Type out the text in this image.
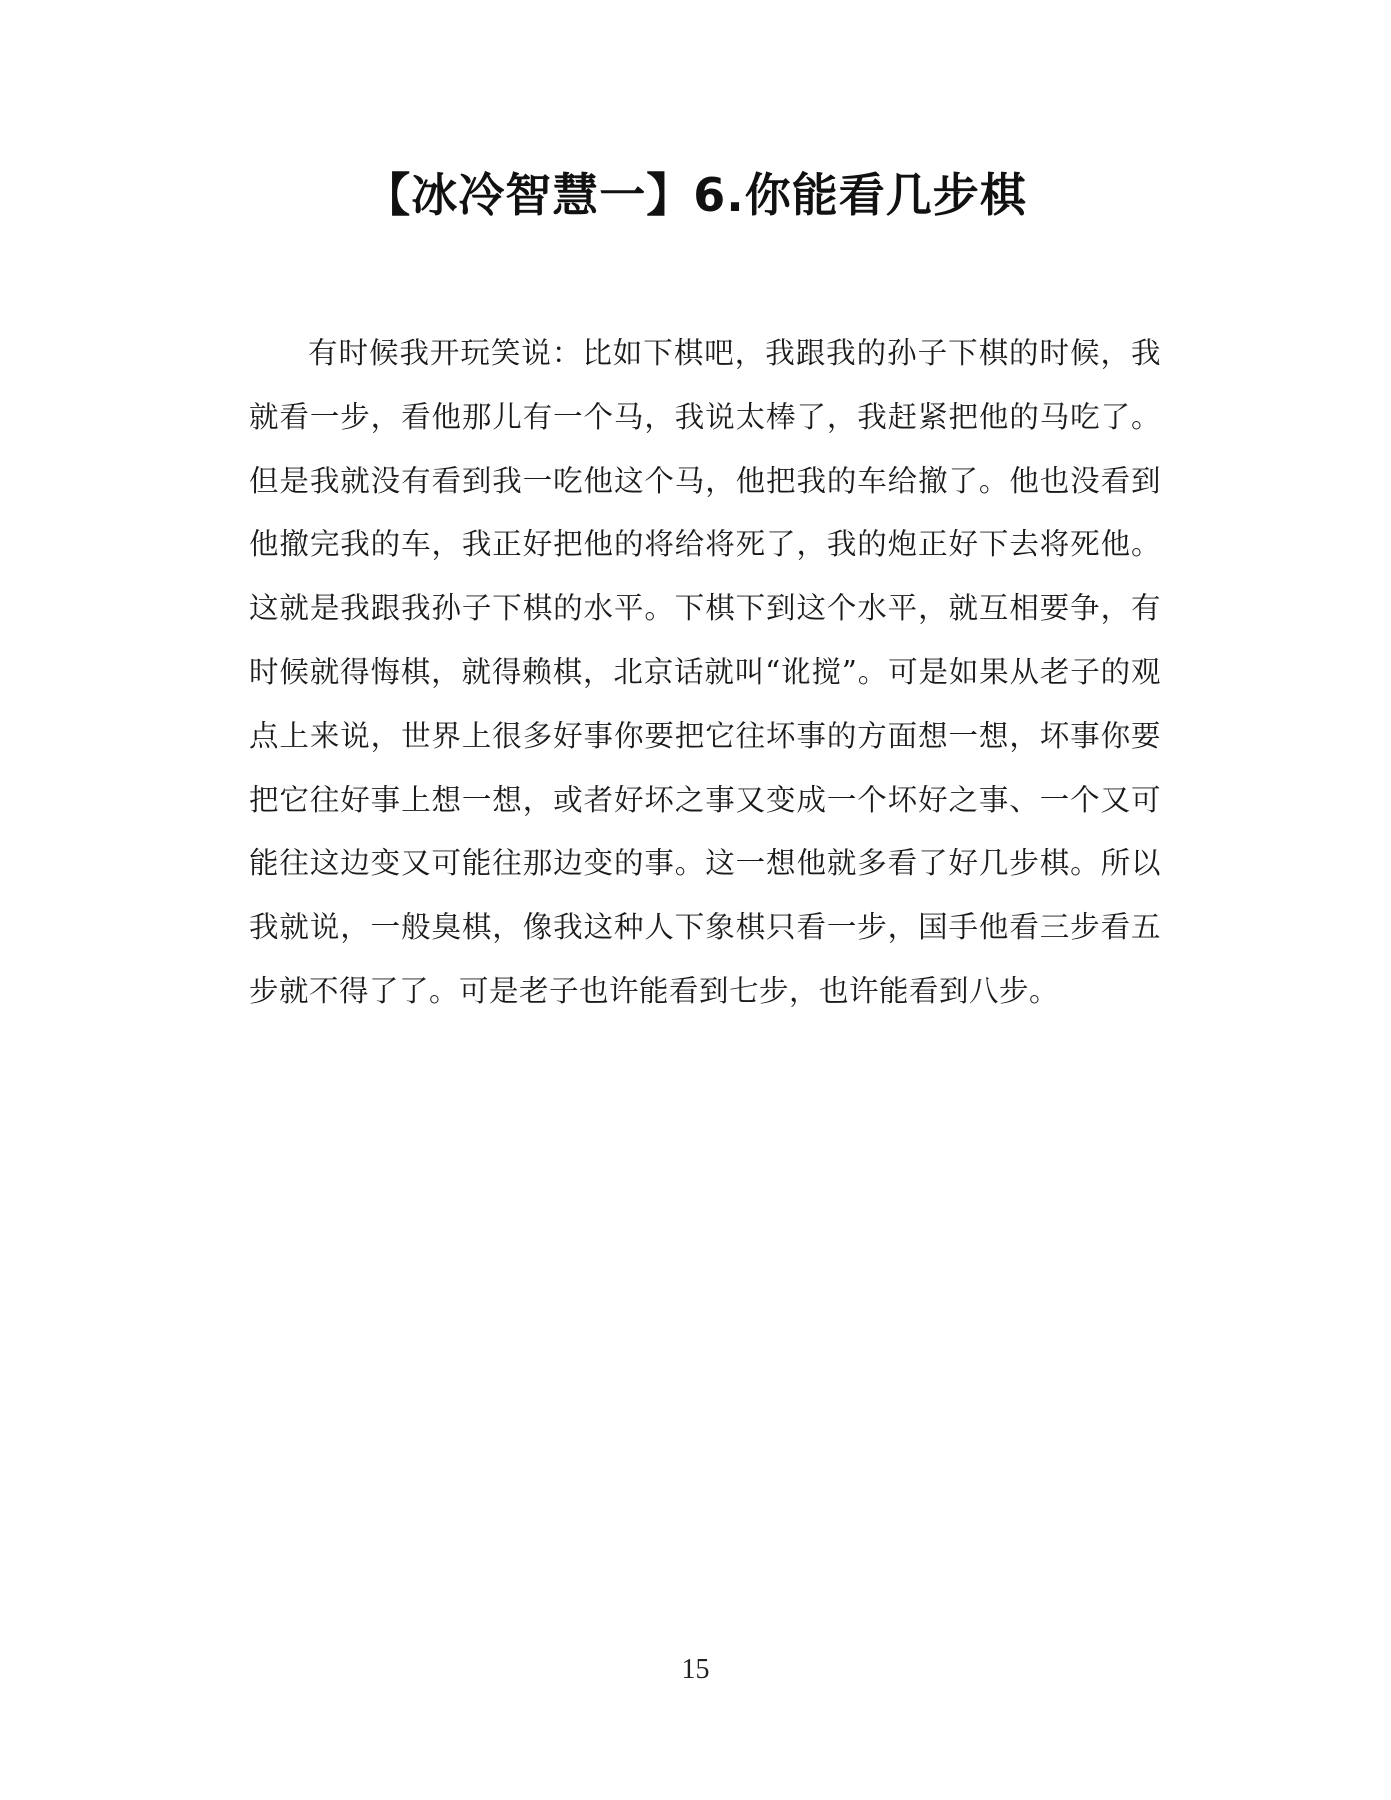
【冰冷智慧一】6.你能看几步棋

有时候我开玩笑说：比如下棋吧，我跟我的孙子下棋的时候，我就看一步，看他那儿有一个马，我说太棒了，我赶紧把他的马吃了。但是我就没有看到我一吃他这个马，他把我的车给撤了。他也没看到他撤完我的车，我正好把他的将给将死了，我的炮正好下去将死他。这就是我跟我孙子下棋的水平。下棋下到这个水平，就互相要争，有时候就得悔棋，就得赖棋，北京话就叫“讹搅”。可是如果从老子的观点上来说，世界上很多好事你要把它往坏事的方面想一想，坏事你要把它往好事上想一想，或者好坏之事又变成一个坏好之事、一个又可能往这边变又可能往那边变的事。这一想他就多看了好几步棋。所以我就说，一般臭棋，像我这种人下象棋只看一步，国手他看三步看五步就不得了了。可是老子也许能看到七步，也许能看到八步。

15
